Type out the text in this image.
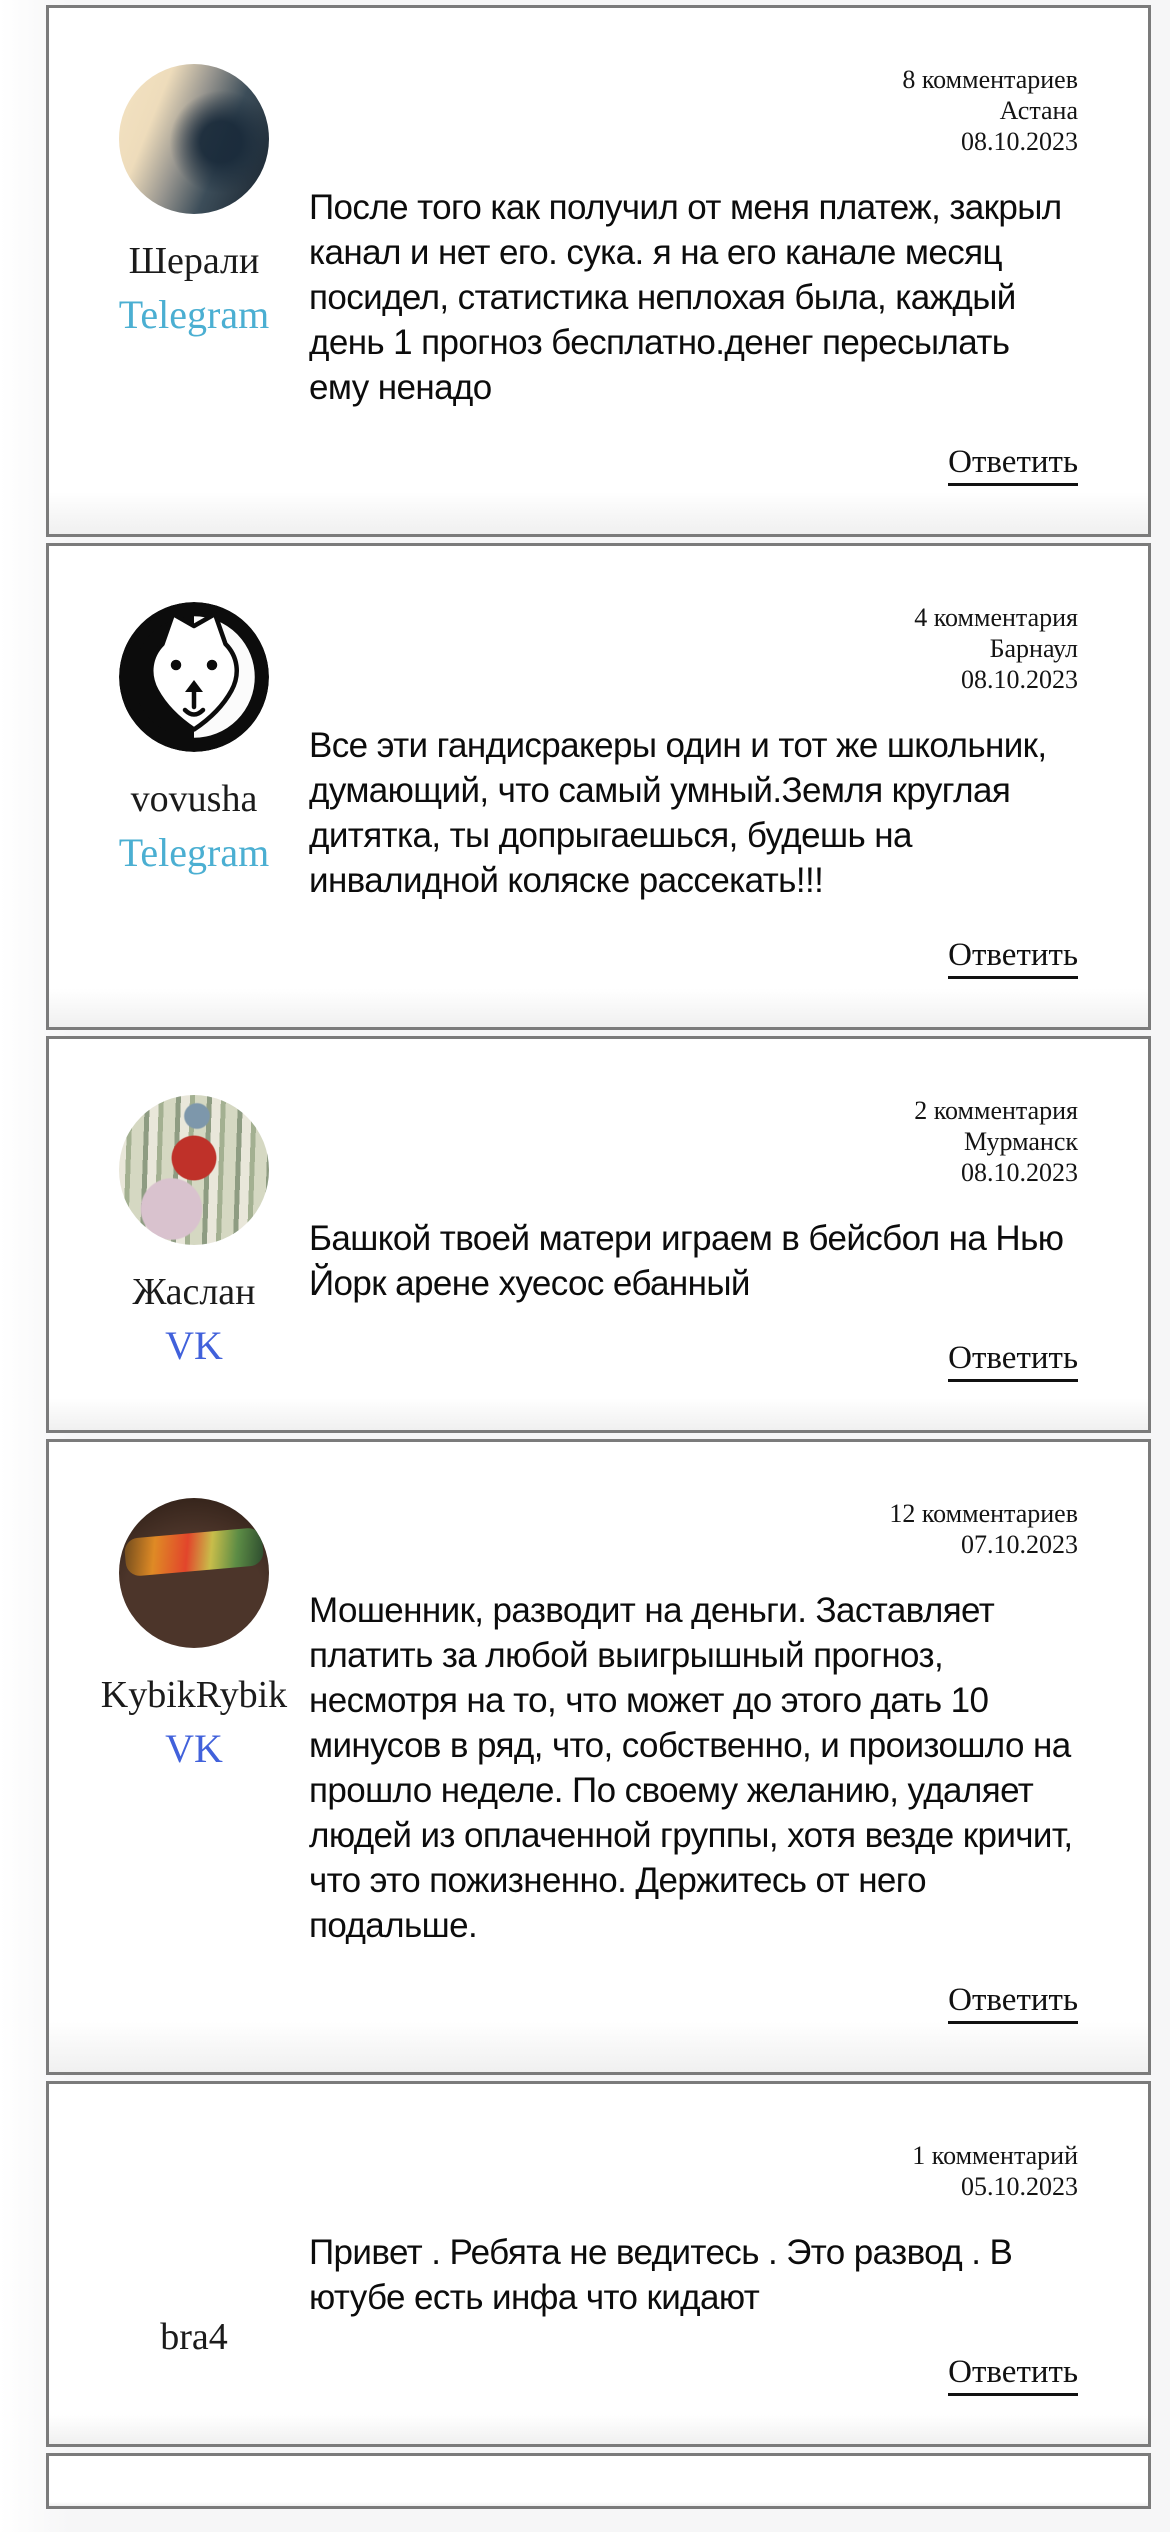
Шерали
Telegram
8 комментариев
Астана
08.10.2023
После того как получил от меня платеж, закрыл канал и нет его. сука. я на его канале месяц посидел, статистика неплохая была, каждый день 1 прогноз бесплатно.денег пересылать ему ненадо
Ответить
vovusha
Telegram
4 комментария
Барнаул
08.10.2023
Все эти гандисракеры один и тот же школьник, думающий, что самый умный.Земля круглая дитятка, ты допрыгаешься, будешь на инвалидной коляске рассекать!!!
Ответить
Жаслан
VK
2 комментария
Мурманск
08.10.2023
Башкой твоей матери играем в бейсбол на Нью Йорк арене хуесос ебанный
Ответить
KybikRybik
VK
12 комментариев
07.10.2023
Мошенник, разводит на деньги. Заставляет платить за любой выигрышный прогноз, несмотря на то, что может до этого дать 10 минусов в ряд, что, собственно, и произошло на прошло неделе. По своему желанию, удаляет людей из оплаченной группы, хотя везде кричит, что это пожизненно. Держитесь от него подальше.
Ответить
bra4
1 комментарий
05.10.2023
Привет . Ребята не ведитесь . Это развод . В ютубе есть инфа что кидают
Ответить
